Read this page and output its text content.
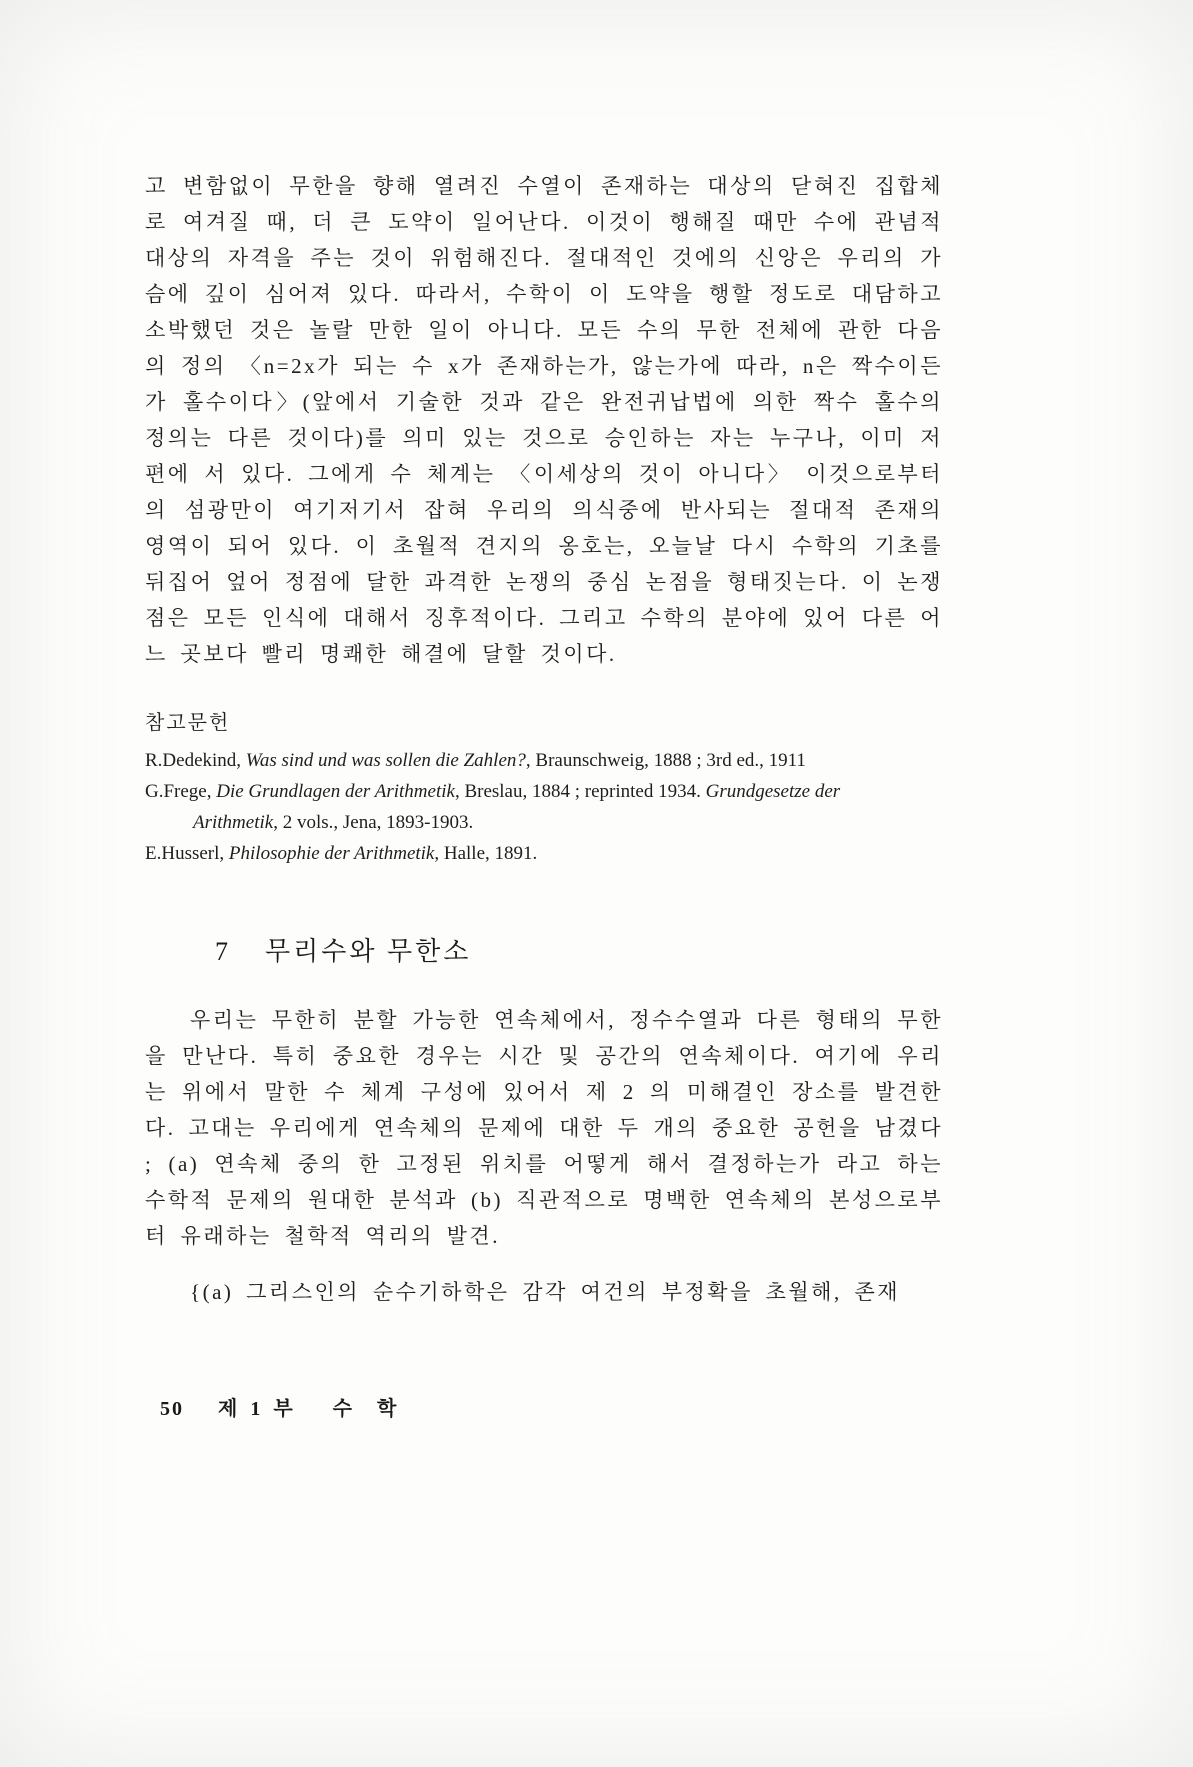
고 변함없이 무한을 향해 열려진 수열이 존재하는 대상의 닫혀진 집합체로 여겨질 때, 더 큰 도약이 일어난다. 이것이 행해질 때만 수에 관념적 대상의 자격을 주는 것이 위험해진다. 절대적인 것에의 신앙은 우리의 가슴에 깊이 심어져 있다. 따라서, 수학이 이 도약을 행할 정도로 대담하고 소박했던 것은 놀랄 만한 일이 아니다. 모든 수의 무한 전체에 관한 다음의 정의 〈n=2x가 되는 수 x가 존재하는가, 않는가에 따라, n은 짝수이든가 홀수이다〉(앞에서 기술한 것과 같은 완전귀납법에 의한 짝수 홀수의 정의는 다른 것이다)를 의미 있는 것으로 승인하는 자는 누구나, 이미 저편에 서 있다. 그에게 수 체계는 〈이세상의 것이 아니다〉 이것으로부터의 섬광만이 여기저기서 잡혀 우리의 의식중에 반사되는 절대적 존재의 영역이 되어 있다. 이 초월적 견지의 옹호는, 오늘날 다시 수학의 기초를 뒤집어 엎어 정점에 달한 과격한 논쟁의 중심 논점을 형태짓는다. 이 논쟁점은 모든 인식에 대해서 징후적이다. 그리고 수학의 분야에 있어 다른 어느 곳보다 빨리 명쾌한 해결에 달할 것이다.

참고문헌
R.Dedekind, Was sind und was sollen die Zahlen?, Braunschweig, 1888 ; 3rd ed., 1911
G.Frege, Die Grundlagen der Arithmetik, Breslau, 1884 ; reprinted 1934. Grundgesetze der
Arithmetik, 2 vols., Jena, 1893-1903.
E.Husserl, Philosophie der Arithmetik, Halle, 1891.
7 무리수와 무한소

우리는 무한히 분할 가능한 연속체에서, 정수수열과 다른 형태의 무한을 만난다. 특히 중요한 경우는 시간 및 공간의 연속체이다. 여기에 우리는 위에서 말한 수 체계 구성에 있어서 제 2 의 미해결인 장소를 발견한다. 고대는 우리에게 연속체의 문제에 대한 두 개의 중요한 공헌을 남겼다 ; (a) 연속체 중의 한 고정된 위치를 어떻게 해서 결정하는가 라고 하는 수학적 문제의 원대한 분석과 (b) 직관적으로 명백한 연속체의 본성으로부터 유래하는 철학적 역리의 발견.

{(a) 그리스인의 순수기하학은 감각 여건의 부정확을 초월해, 존재

50 제 1 부 수 학
